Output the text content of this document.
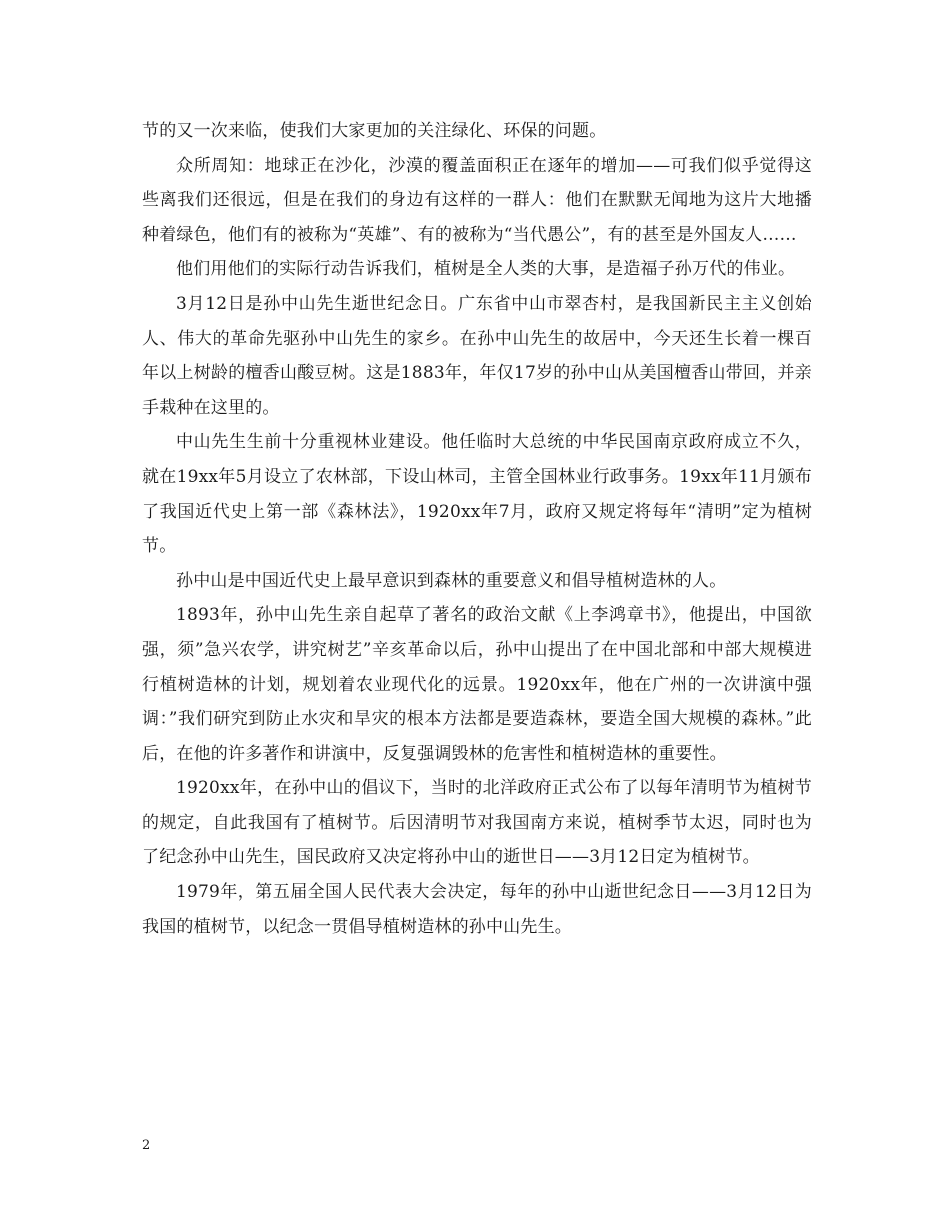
节的又一次来临，使我们大家更加的关注绿化、环保的问题。

众所周知：地球正在沙化，沙漠的覆盖面积正在逐年的增加——可我们似乎觉得这些离我们还很远，但是在我们的身边有这样的一群人：他们在默默无闻地为这片大地播种着绿色，他们有的被称为“英雄”、有的被称为“当代愚公”，有的甚至是外国友人……

他们用他们的实际行动告诉我们，植树是全人类的大事，是造福子孙万代的伟业。

3月12日是孙中山先生逝世纪念日。广东省中山市翠杏村，是我国新民主主义创始人、伟大的革命先驱孙中山先生的家乡。在孙中山先生的故居中，今天还生长着一棵百年以上树龄的檀香山酸豆树。这是1883年，年仅17岁的孙中山从美国檀香山带回，并亲手栽种在这里的。

中山先生生前十分重视林业建设。他任临时大总统的中华民国南京政府成立不久，就在19xx年5月设立了农林部，下设山林司，主管全国林业行政事务。19xx年11月颁布了我国近代史上第一部《森林法》，1920xx年7月，政府又规定将每年“清明”定为植树节。

孙中山是中国近代史上最早意识到森林的重要意义和倡导植树造林的人。

1893年，孙中山先生亲自起草了著名的政治文献《上李鸿章书》，他提出，中国欲强，须”急兴农学，讲究树艺”辛亥革命以后，孙中山提出了在中国北部和中部大规模进行植树造林的计划，规划着农业现代化的远景。1920xx年，他在广州的一次讲演中强调：”我们研究到防止水灾和旱灾的根本方法都是要造森林，要造全国大规模的森林。”此后，在他的许多著作和讲演中，反复强调毁林的危害性和植树造林的重要性。

1920xx年，在孙中山的倡议下，当时的北洋政府正式公布了以每年清明节为植树节的规定，自此我国有了植树节。后因清明节对我国南方来说，植树季节太迟，同时也为了纪念孙中山先生，国民政府又决定将孙中山的逝世日——3月12日定为植树节。

1979年，第五届全国人民代表大会决定，每年的孙中山逝世纪念日——3月12日为我国的植树节，以纪念一贯倡导植树造林的孙中山先生。

2
